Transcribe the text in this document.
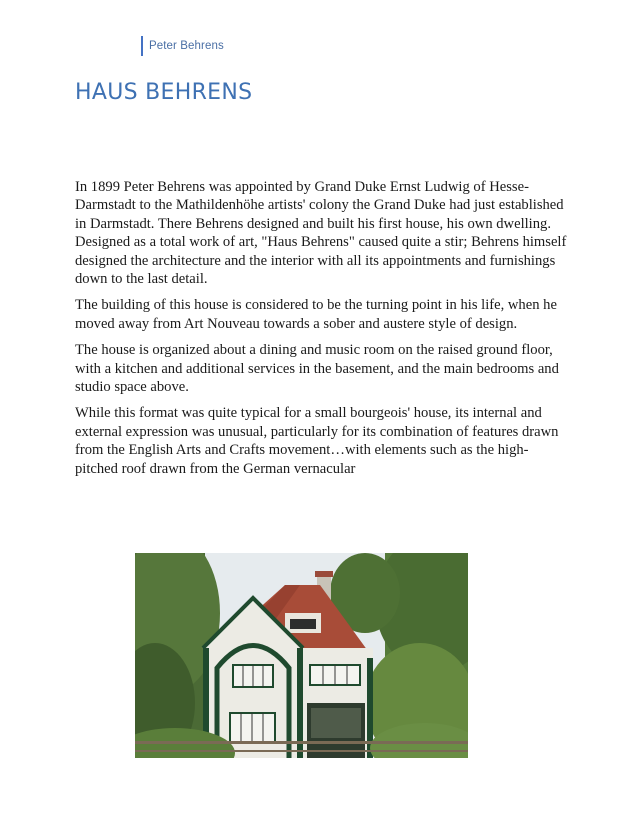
Peter Behrens
HAUS BEHRENS

In 1899 Peter Behrens was appointed by Grand Duke Ernst Ludwig of Hesse-Darmstadt to the Mathildenhöhe artists' colony the Grand Duke had just established in Darmstadt. There Behrens designed and built his first house, his own dwelling. Designed as a total work of art, "Haus Behrens" caused quite a stir; Behrens himself designed the architecture and the interior with all its appointments and furnishings down to the last detail.

The building of this house is considered to be the turning point in his life, when he moved away from Art Nouveau towards a sober and austere style of design.

The house is organized about a dining and music room on the raised ground floor, with a kitchen and additional services in the basement, and the main bedrooms and studio space above.

While this format was quite typical for a small bourgeois' house, its internal and external expression was unusual, particularly for its combination of features drawn from the English Arts and Crafts movement…with elements such as the high-pitched roof drawn from the German vernacular
